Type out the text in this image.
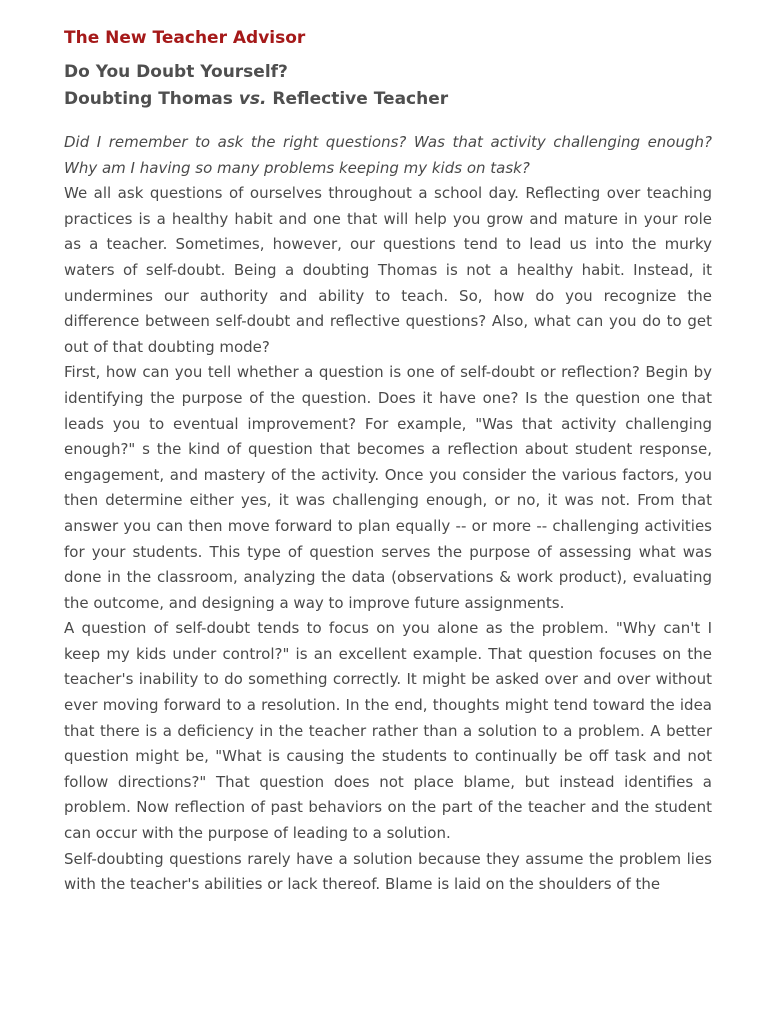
The New Teacher Advisor
Do You Doubt Yourself?
Doubting Thomas vs. Reflective Teacher

Did I remember to ask the right questions? Was that activity challenging enough? Why am I having so many problems keeping my kids on task?

We all ask questions of ourselves throughout a school day. Reflecting over teaching practices is a healthy habit and one that will help you grow and mature in your role as a teacher. Sometimes, however, our questions tend to lead us into the murky waters of self-doubt. Being a doubting Thomas is not a healthy habit. Instead, it undermines our authority and ability to teach. So, how do you recognize the difference between self-doubt and reflective questions? Also, what can you do to get out of that doubting mode?

First, how can you tell whether a question is one of self-doubt or reflection? Begin by identifying the purpose of the question. Does it have one? Is the question one that leads you to eventual improvement? For example, "Was that activity challenging enough?" s the kind of question that becomes a reflection about student response, engagement, and mastery of the activity. Once you consider the various factors, you then determine either yes, it was challenging enough, or no, it was not. From that answer you can then move forward to plan equally -- or more -- challenging activities for your students. This type of question serves the purpose of assessing what was done in the classroom, analyzing the data (observations & work product), evaluating the outcome, and designing a way to improve future assignments.

A question of self-doubt tends to focus on you alone as the problem. "Why can't I keep my kids under control?" is an excellent example. That question focuses on the teacher's inability to do something correctly. It might be asked over and over without ever moving forward to a resolution. In the end, thoughts might tend toward the idea that there is a deficiency in the teacher rather than a solution to a problem. A better question might be, "What is causing the students to continually be off task and not follow directions?" That question does not place blame, but instead identifies a problem. Now reflection of past behaviors on the part of the teacher and the student can occur with the purpose of leading to a solution.

Self-doubting questions rarely have a solution because they assume the problem lies with the teacher's abilities or lack thereof. Blame is laid on the shoulders of the
